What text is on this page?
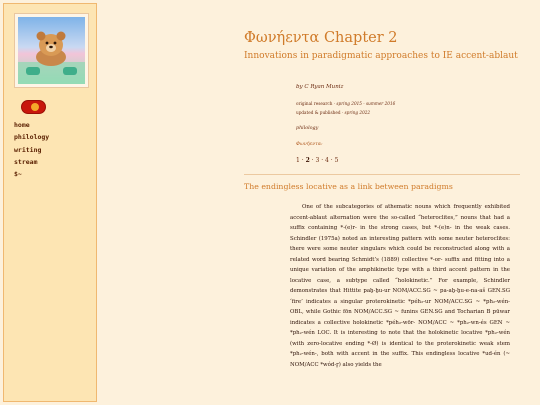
home
philology
writing
stream
$~
Φωνήεντα Chapter 2
Innovations in paradigmatic approaches to IE accent-ablaut
by C Ryan Muniz
original research · spring 2015 - summer 2016
updated & published · spring 2022
philology
Φωνήεντα:
1 · 2 · 3 · 4 · 5
The endingless locative as a link between paradigms

One of the subcategories of athematic nouns which frequently exhibited accent-ablaut alternation were the so-called “heteroclites,” nouns that had a suffix containing *-(e)r- in the strong cases, but *-(e)n- in the weak cases. Schindler (1975a) noted an interesting pattern with some neuter heteroclites: there were some neuter singulars which could be reconstructed along with a related word bearing Schmidt’s (1889) collective *-or- suffix and fitting into a unique variation of the amphikinetic type with a third accent pattern in the locative case, a subtype called “holokinetic.” For example, Schindler demonstrates that Hittite paḫ-ḫu-ur NOM/ACC.SG ~ pa-aḫ-ḫu-e-na-aš GEN.SG ‘fire’ indicates a singular proterokinetic *péh₂-ur NOM/ACC.SG ~ *ph₂-wén- OBL, while Gothic fōn NOM/ACC.SG ~ funins GEN.SG and Tocharian B pūwar indicates a collective holokinetic *péh₂-wōr- NOM/ACC ~ *ph₂-wn-és GEN ~ *ph₂-wén LOC. It is interesting to note that the holokinetic locative *ph₂-wén (with zero-locative ending *-Ø) is identical to the proterokinetic weak stem *ph₂-wén-, both with accent in the suffix. This endingless locative *ud-én (~ NOM/ACC *wód-r̥) also yields the
